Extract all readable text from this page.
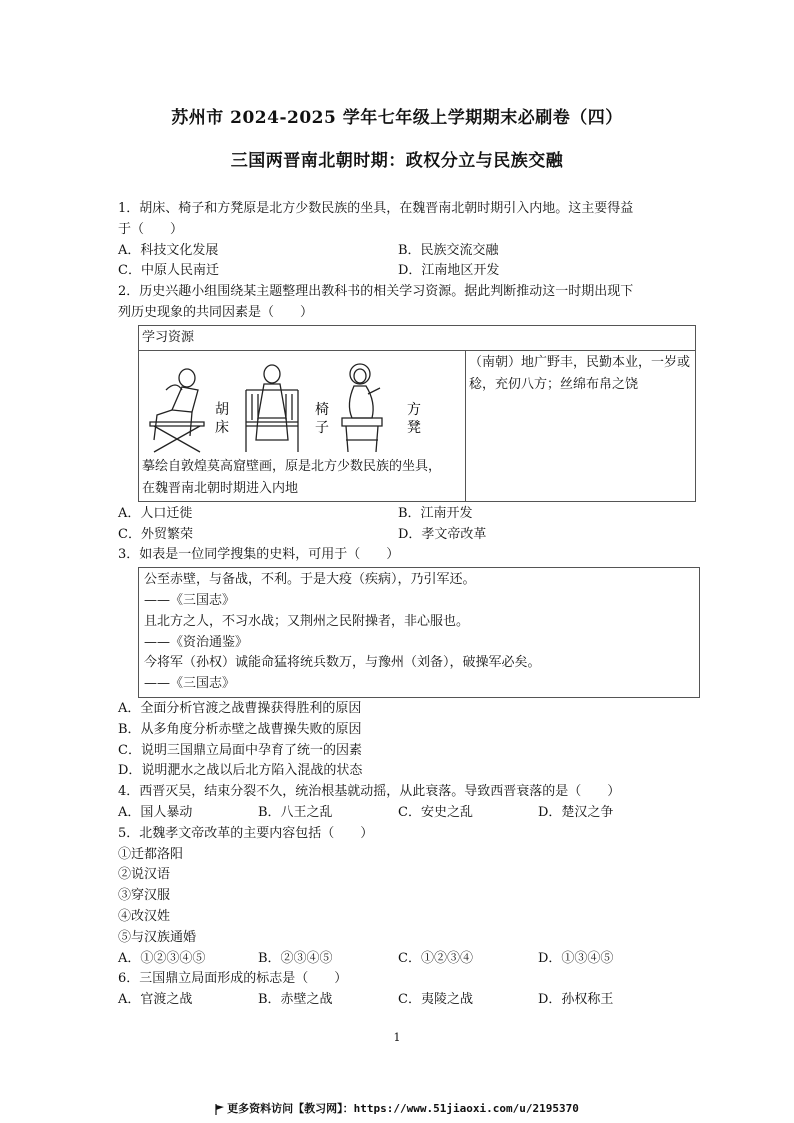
苏州市 2024-2025 学年七年级上学期期末必刷卷（四）
三国两晋南北朝时期：政权分立与民族交融
1．胡床、椅子和方凳原是北方少数民族的坐具，在魏晋南北朝时期引入内地。这主要得益
于（　　）
A．科技文化发展	B．民族交流交融
C．中原人民南迁	D．江南地区开发
2．历史兴趣小组围绕某主题整理出教科书的相关学习资源。据此判断推动这一时期出现下
列历史现象的共同因素是（　　）
学习资源

胡
床
椅
子
方
凳
摹绘自敦煌莫高窟壁画，原是北方少数民族的坐具，
在魏晋南北朝时期进入内地
	（南朝）地广野丰，民勤本业，一岁或稔，充仞八方；丝绵布帛之饶
A．人口迁徙	B．江南开发
C．外贸繁荣	D．孝文帝改革
3．如表是一位同学搜集的史料，可用于（　　）
公至赤壁，与备战，不利。于是大疫（疾病），乃引军还。
——《三国志》
且北方之人，不习水战；又荆州之民附操者，非心服也。
——《资治通鉴》
今将军（孙权）诚能命猛将统兵数万，与豫州（刘备），破操军必矣。
——《三国志》
A．全面分析官渡之战曹操获得胜利的原因
B．从多角度分析赤壁之战曹操失败的原因
C．说明三国鼎立局面中孕育了统一的因素
D．说明淝水之战以后北方陷入混战的状态
4．西晋灭吴，结束分裂不久，统治根基就动摇，从此衰落。导致西晋衰落的是（　　）
A．国人暴动	B．八王之乱	C．安史之乱	D．楚汉之争
5．北魏孝文帝改革的主要内容包括（　　）
①迁都洛阳
②说汉语
③穿汉服
④改汉姓
⑤与汉族通婚
A．①②③④⑤	B．②③④⑤	C．①②③④	D．①③④⑤
6．三国鼎立局面形成的标志是（　　）
A．官渡之战	B．赤壁之战	C．夷陵之战	D．孙权称王
1
更多资料访问【教习网】：https://www.51jiaoxi.com/u/2195370
